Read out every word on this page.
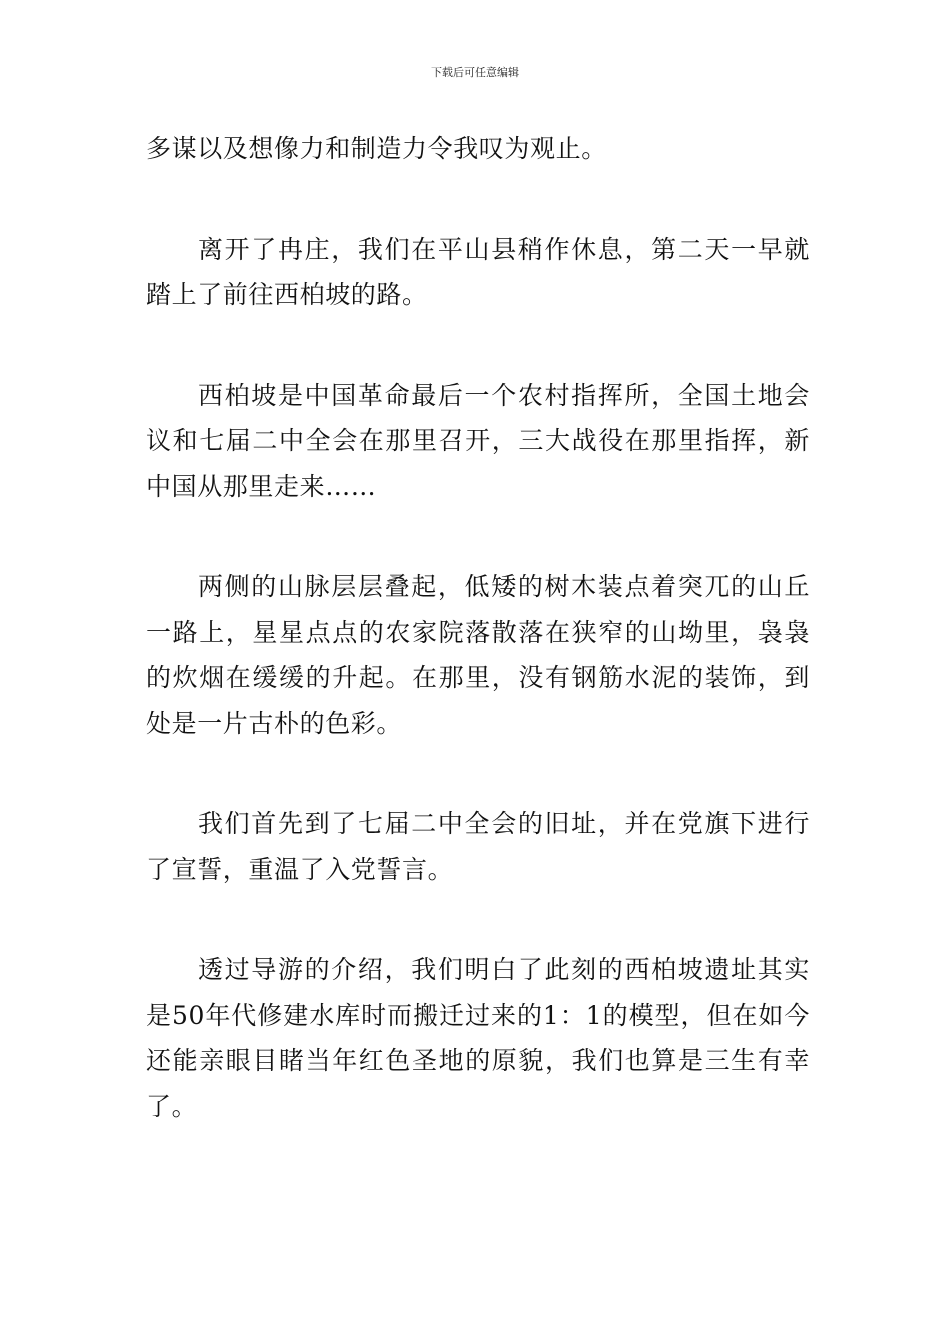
下载后可任意编辑

多谋以及想像力和制造力令我叹为观止。

离开了冉庄，我们在平山县稍作休息，第二天一早就踏上了前往西柏坡的路。

西柏坡是中国革命最后一个农村指挥所，全国土地会议和七届二中全会在那里召开，三大战役在那里指挥，新中国从那里走来……

两侧的山脉层层叠起，低矮的树木装点着突兀的山丘一路上，星星点点的农家院落散落在狭窄的山坳里，袅袅的炊烟在缓缓的升起。在那里，没有钢筋水泥的装饰，到处是一片古朴的色彩。

我们首先到了七届二中全会的旧址，并在党旗下进行了宣誓，重温了入党誓言。

透过导游的介绍，我们明白了此刻的西柏坡遗址其实是50年代修建水库时而搬迁过来的1：1的模型，但在如今还能亲眼目睹当年红色圣地的原貌，我们也算是三生有幸了。
